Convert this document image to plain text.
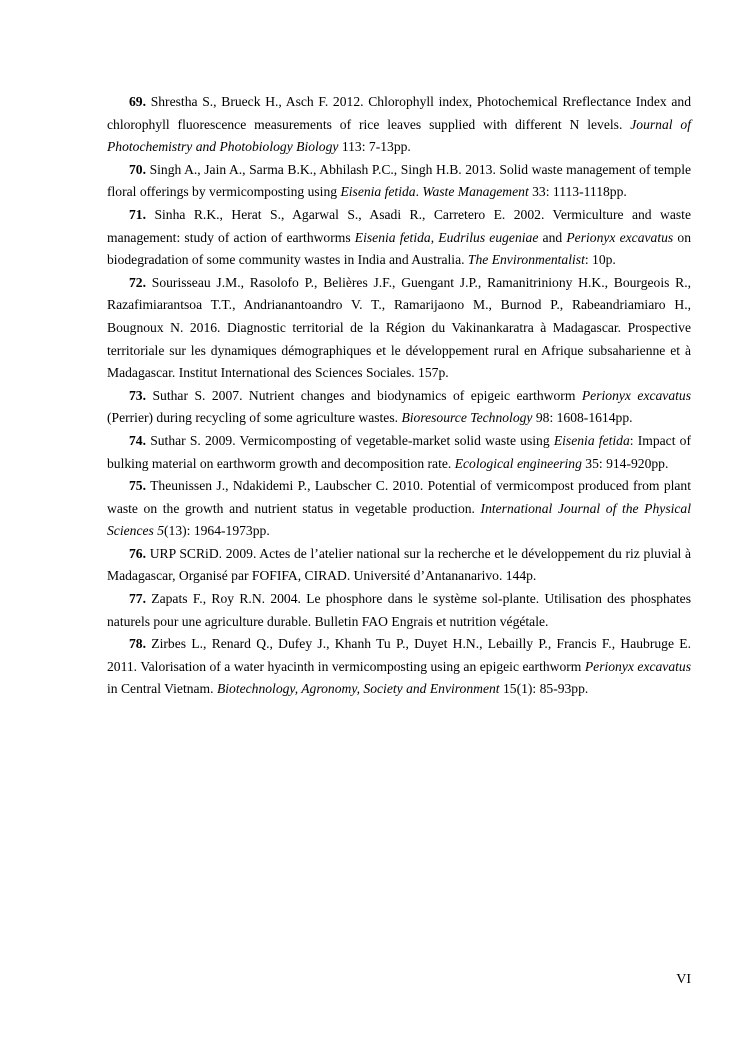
69. Shrestha S., Brueck H., Asch F. 2012. Chlorophyll index, Photochemical Rreflectance Index and chlorophyll fluorescence measurements of rice leaves supplied with different N levels. Journal of Photochemistry and Photobiology Biology 113: 7-13pp.

70. Singh A., Jain A., Sarma B.K., Abhilash P.C., Singh H.B. 2013. Solid waste management of temple floral offerings by vermicomposting using Eisenia fetida. Waste Management 33: 1113-1118pp.

71. Sinha R.K., Herat S., Agarwal S., Asadi R., Carretero E. 2002. Vermiculture and waste management: study of action of earthworms Eisenia fetida, Eudrilus eugeniae and Perionyx excavatus on biodegradation of some community wastes in India and Australia. The Environmentalist: 10p.

72. Sourisseau J.M., Rasolofo P., Belières J.F., Guengant J.P., Ramanitriniony H.K., Bourgeois R., Razafimiarantsoa T.T., Andrianantoandro V. T., Ramarijaono M., Burnod P., Rabeandriamiaro H., Bougnoux N. 2016. Diagnostic territorial de la Région du Vakinankaratra à Madagascar. Prospective territoriale sur les dynamiques démographiques et le développement rural en Afrique subsaharienne et à Madagascar. Institut International des Sciences Sociales. 157p.

73. Suthar S. 2007. Nutrient changes and biodynamics of epigeic earthworm Perionyx excavatus (Perrier) during recycling of some agriculture wastes. Bioresource Technology 98: 1608-1614pp.

74. Suthar S. 2009. Vermicomposting of vegetable-market solid waste using Eisenia fetida: Impact of bulking material on earthworm growth and decomposition rate. Ecological engineering 35: 914-920pp.

75. Theunissen J., Ndakidemi P., Laubscher C. 2010. Potential of vermicompost produced from plant waste on the growth and nutrient status in vegetable production. International Journal of the Physical Sciences 5(13): 1964-1973pp.

76. URP SCRiD. 2009. Actes de l’atelier national sur la recherche et le développement du riz pluvial à Madagascar, Organisé par FOFIFA, CIRAD. Université d’Antananarivo. 144p.

77. Zapats F., Roy R.N. 2004. Le phosphore dans le système sol-plante. Utilisation des phosphates naturels pour une agriculture durable. Bulletin FAO Engrais et nutrition végétale.

78. Zirbes L., Renard Q., Dufey J., Khanh Tu P., Duyet H.N., Lebailly P., Francis F., Haubruge E. 2011. Valorisation of a water hyacinth in vermicomposting using an epigeic earthworm Perionyx excavatus in Central Vietnam. Biotechnology, Agronomy, Society and Environment 15(1): 85-93pp.

VI
